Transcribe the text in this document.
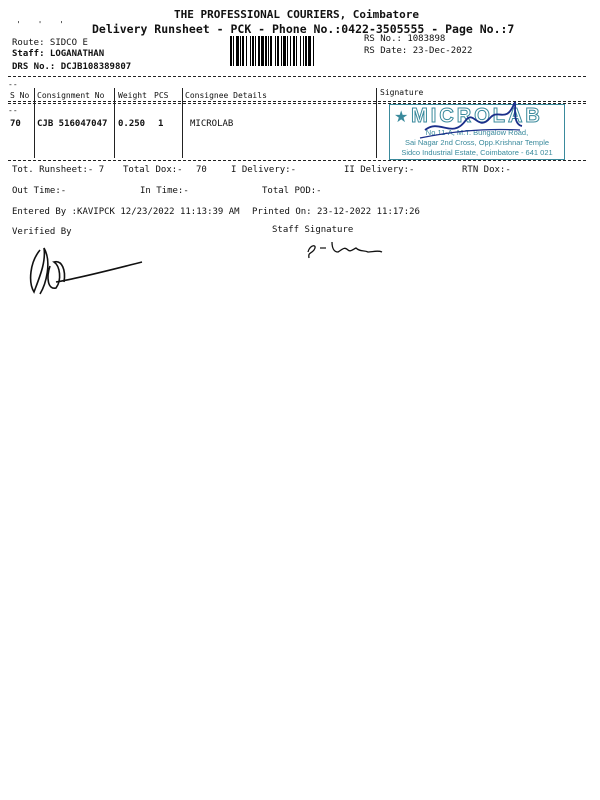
THE PROFESSIONAL COURIERS, Coimbatore
' ' ' Delivery Runsheet - PCK - Phone No.:0422-3505555 - Page No.:7
Route: SIDCO E
Staff: LOGANATHAN
DRS No.: DCJB108389807
RS No.: 1083898
RS Date: 23-Dec-2022
--
--
S No Consignment No Weight PCS Consignee Details	Signature
70 CJB 516047047 0.250 1	MICROLAB	★ MICROLAB
No.11-A, M.T. Bungalow Road,
Sai Nagar 2nd Cross, Opp.Krishnar Temple
Sidco Industrial Estate, Coimbatore - 641 021
Tot. Runsheet:- 7 Total Dox:- 70	I Delivery:-	II Delivery:-	RTN Dox:-
Out Time:-	In Time:-	Total POD:-
Entered By :KAVIPCK 12/23/2022 11:13:39 AM Printed On: 23-12-2022 11:17:26
Verified By	Staff Signature
